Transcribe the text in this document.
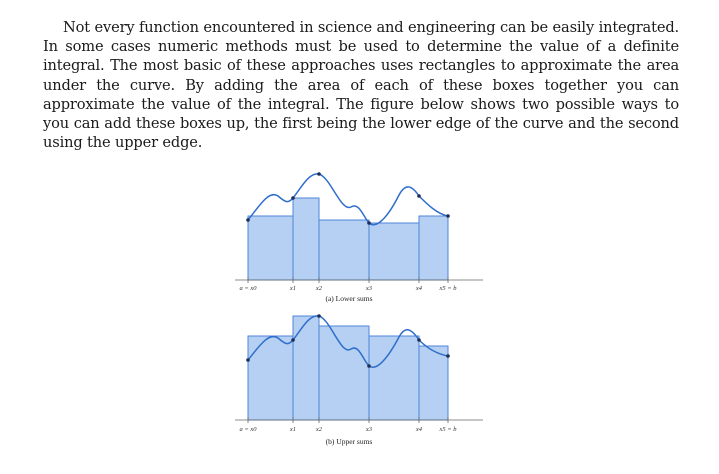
Not every function encountered in science and engineering can be easily integrated. In some cases numeric methods must be used to determine the value of a definite integral. The most basic of these approaches uses rectangles to approximate the area under the curve. By adding the area of each of these boxes together you can approximate the value of the integral. The figure below shows two possible ways to you can add these boxes up, the first being the lower edge of the curve and the second using the upper edge.

a = x0	x1	x2	x3	x4	x5 = b
(a) Lower sums
a = x0	x1	x2	x3	x4	x5 = b
(b) Upper sums
